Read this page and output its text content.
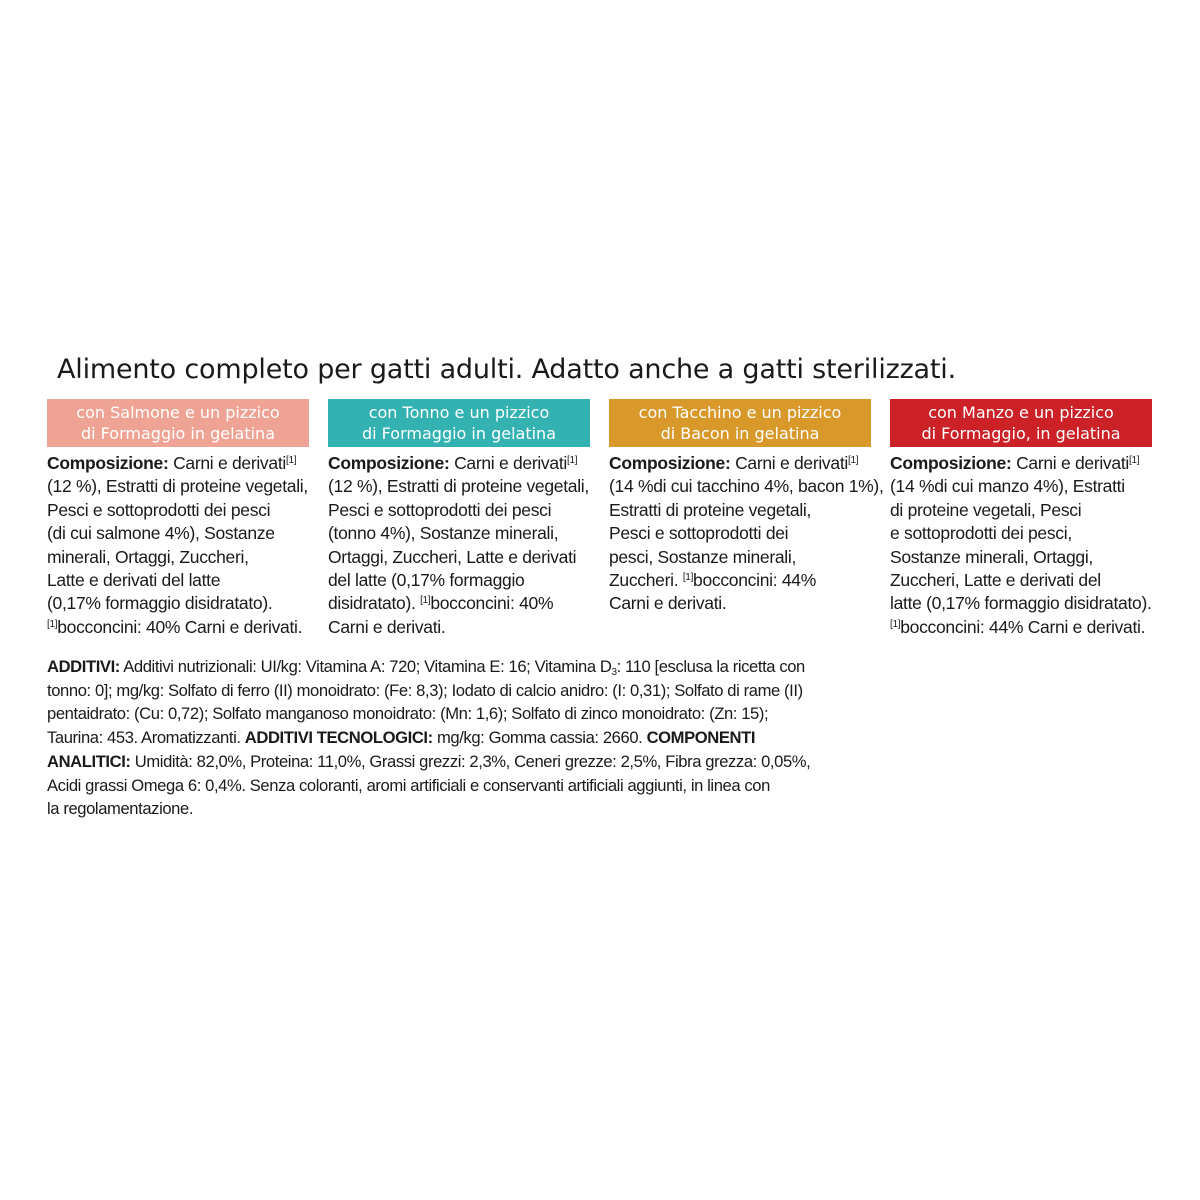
Alimento completo per gatti adulti. Adatto anche a gatti sterilizzati.
con Salmone e un pizzico
di Formaggio in gelatina
Composizione: Carni e derivati[1]
(12 %), Estratti di proteine vegetali,
Pesci e sottoprodotti dei pesci
(di cui salmone 4%), Sostanze
minerali, Ortaggi, Zuccheri,
Latte e derivati del latte
(0,17% formaggio disidratato).
[1]bocconcini: 40% Carni e derivati.
con Tonno e un pizzico
di Formaggio in gelatina
Composizione: Carni e derivati[1]
(12 %), Estratti di proteine vegetali,
Pesci e sottoprodotti dei pesci
(tonno 4%), Sostanze minerali,
Ortaggi, Zuccheri, Latte e derivati
del latte (0,17% formaggio
disidratato). [1]bocconcini: 40%
Carni e derivati.
con Tacchino e un pizzico
di Bacon in gelatina
Composizione: Carni e derivati[1]
(14 %di cui tacchino 4%, bacon 1%),
Estratti di proteine vegetali,
Pesci e sottoprodotti dei
pesci, Sostanze minerali,
Zuccheri. [1]bocconcini: 44%
Carni e derivati.
con Manzo e un pizzico
di Formaggio, in gelatina
Composizione: Carni e derivati[1]
(14 %di cui manzo 4%), Estratti
di proteine vegetali, Pesci
e sottoprodotti dei pesci,
Sostanze minerali, Ortaggi,
Zuccheri, Latte e derivati del
latte (0,17% formaggio disidratato).
[1]bocconcini: 44% Carni e derivati.
ADDITIVI: Additivi nutrizionali: UI/kg: Vitamina A: 720; Vitamina E: 16; Vitamina $D_3$: 110 [esclusa la ricetta con
tonno: 0]; mg/kg: Solfato di ferro (II) monoidrato: (Fe: 8,3); Iodato di calcio anidro: (I: 0,31); Solfato di rame (II)
pentaidrato: (Cu: 0,72); Solfato manganoso monoidrato: (Mn: 1,6); Solfato di zinco monoidrato: (Zn: 15);
Taurina: 453. Aromatizzanti. ADDITIVI TECNOLOGICI: mg/kg: Gomma cassia: 2660. COMPONENTI
ANALITICI: Umidità: 82,0%, Proteina: 11,0%, Grassi grezzi: 2,3%, Ceneri grezze: 2,5%, Fibra grezza: 0,05%,
Acidi grassi Omega 6: 0,4%. Senza coloranti, aromi artificiali e conservanti artificiali aggiunti, in linea con
la regolamentazione.
